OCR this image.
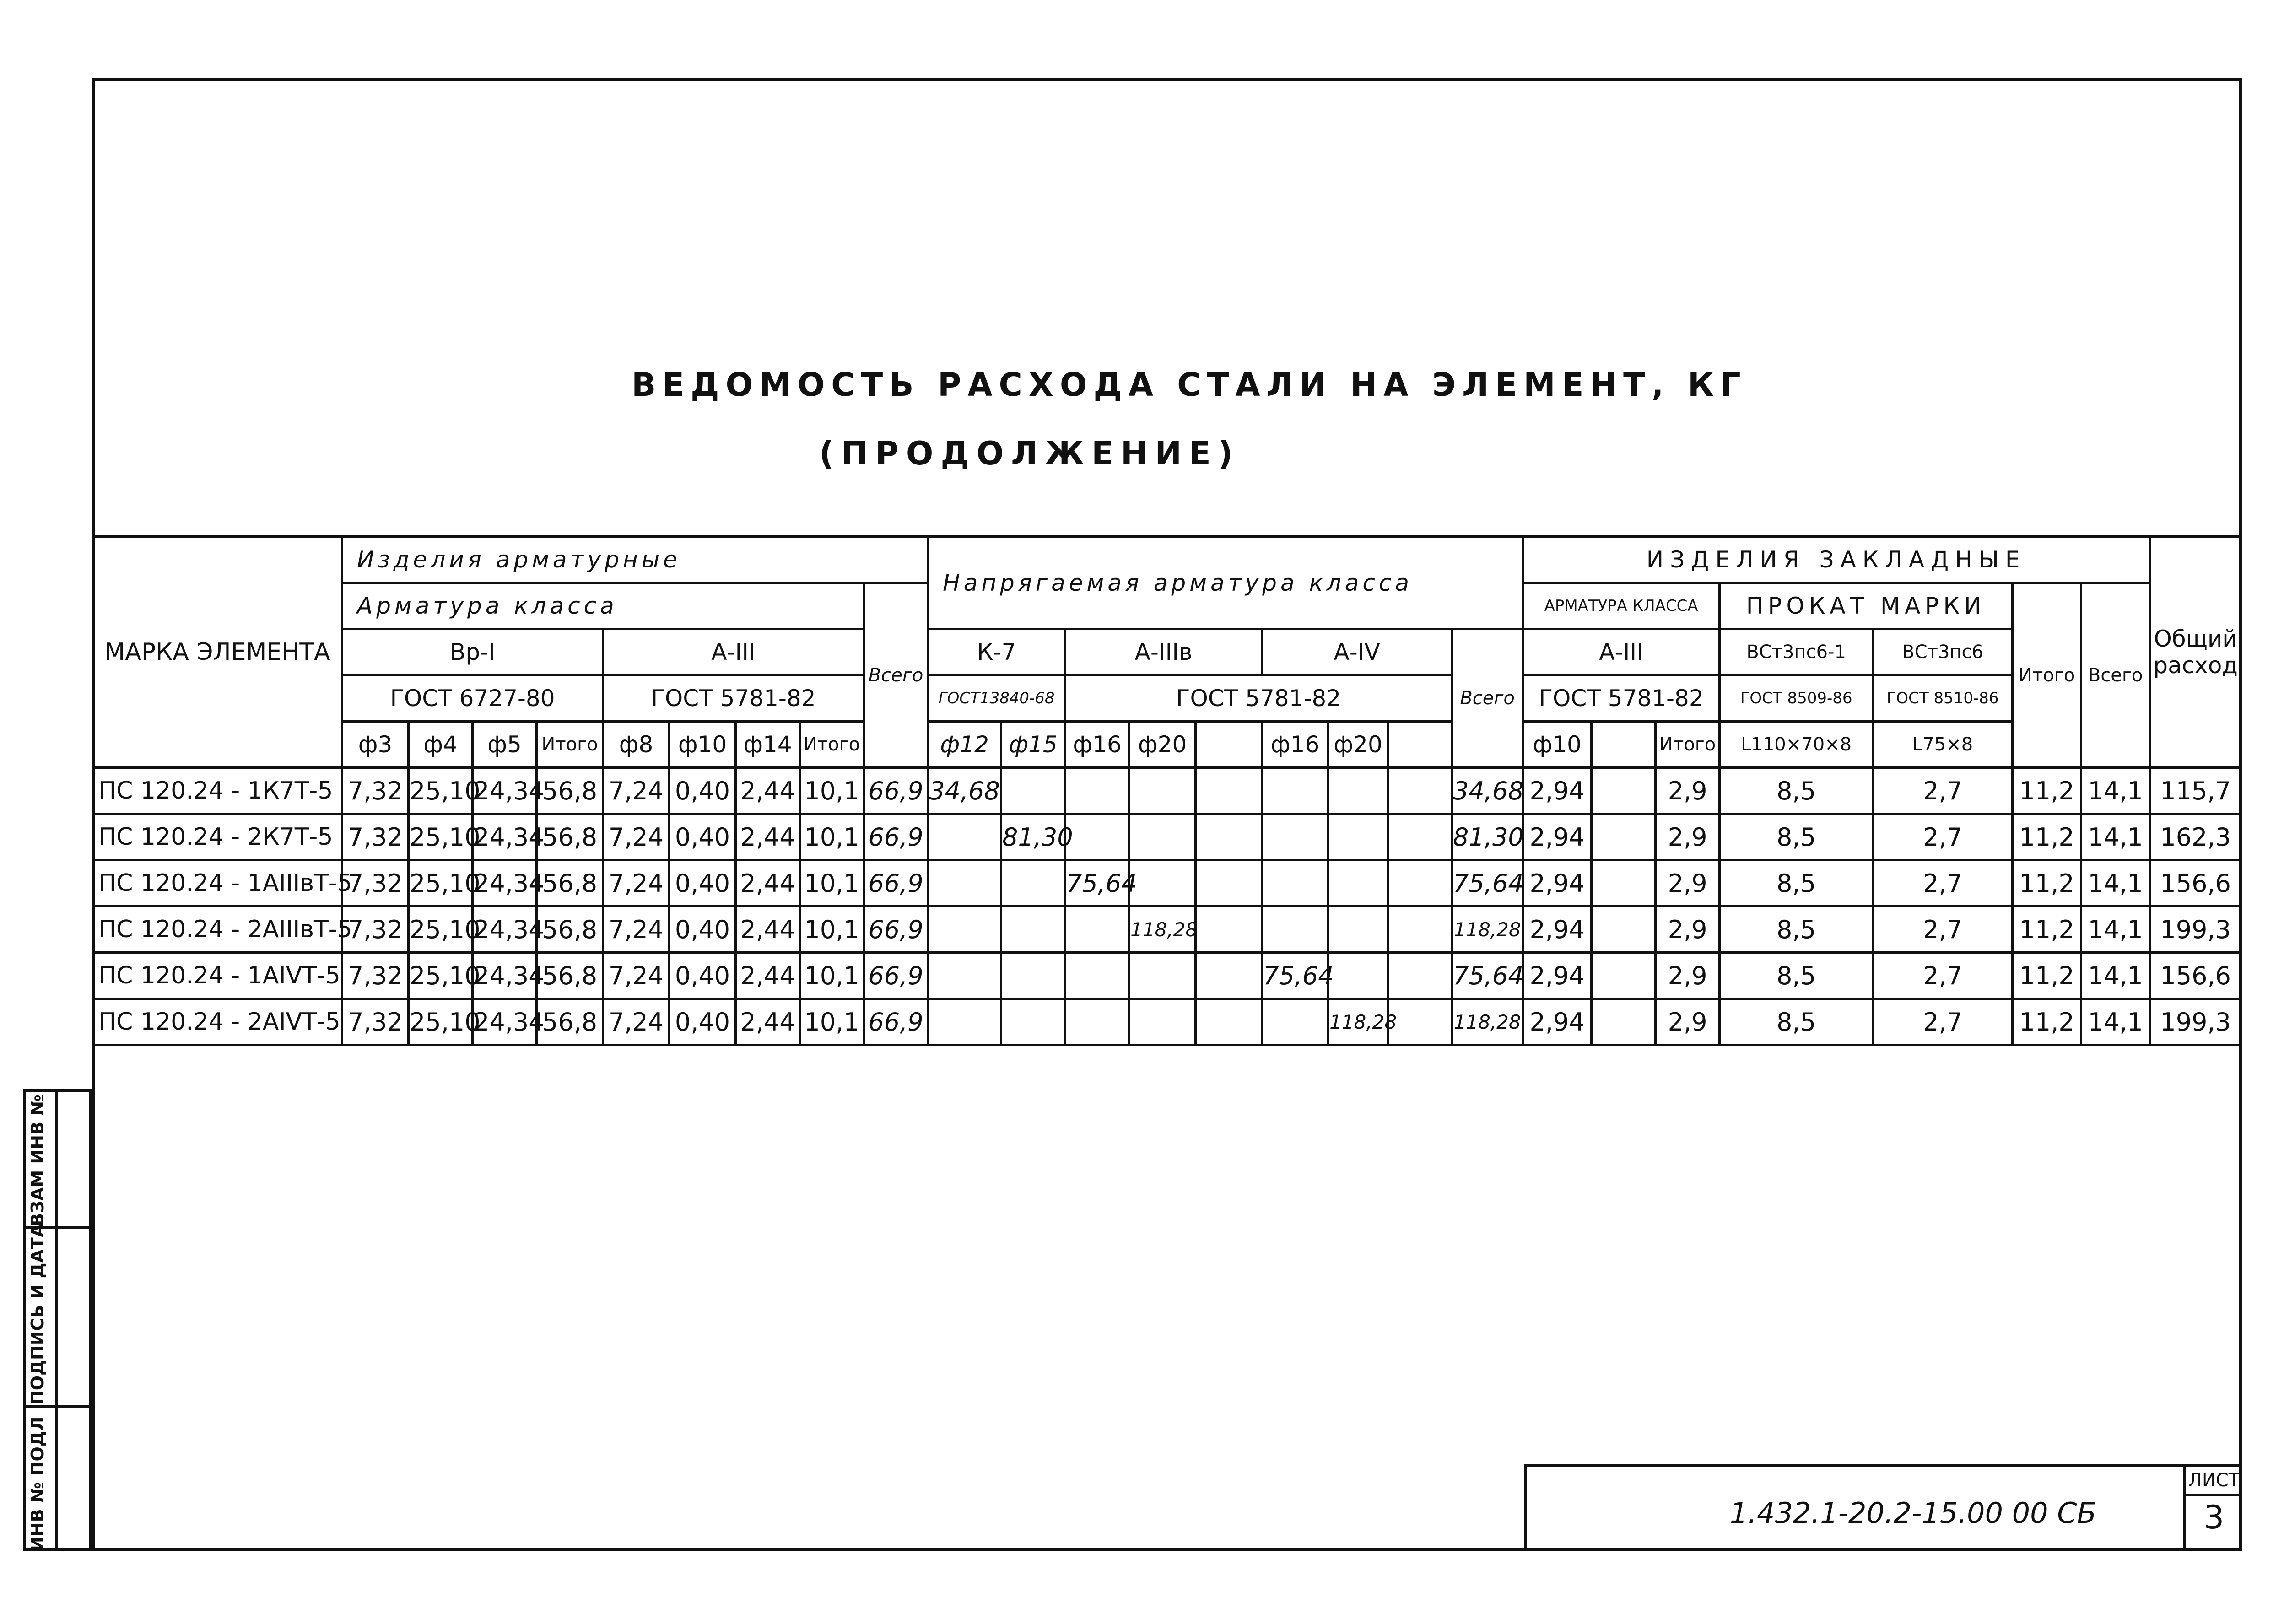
ВЕДОМОСТЬ РАСХОДА СТАЛИ НА ЭЛЕМЕНТ, КГ
(ПРОДОЛЖЕНИЕ)
МАРКА ЭЛЕМЕНТА	Изделия арматурные									Напрягаемая арматура класса									ИЗДЕЛИЯ ЗАКЛАДНЫЕ							Общий расход
	Арматура класса								Всего										АРМАТУРА КЛАССА			ПРОКАТ МАРКИ		Итого	Всего	
	Вр-I				А-III					К-7		А-IIIв			А-IV			Всего	А-III			ВСт3пс6-1	ВСт3пс6			
	ГОСТ 6727-80				ГОСТ 5781-82					ГОСТ13840-68		ГОСТ 5781-82							ГОСТ 5781-82			ГОСТ 8509-86	ГОСТ 8510-86			
	ф3	ф4	ф5	Итого	ф8	ф10	ф14	Итого		ф12	ф15	ф16	ф20		ф16	ф20			ф10		Итого	L110×70×8	L75×8			
ПС 120.24 - 1К7Т-5	7,32	25,10	24,34	56,8	7,24	0,40	2,44	10,1	66,9	34,68								34,68	2,94		2,9	8,5	2,7	11,2	14,1	115,7
ПС 120.24 - 2К7Т-5	7,32	25,10	24,34	56,8	7,24	0,40	2,44	10,1	66,9		81,30							81,30	2,94		2,9	8,5	2,7	11,2	14,1	162,3
ПС 120.24 - 1АIIIвТ-5	7,32	25,10	24,34	56,8	7,24	0,40	2,44	10,1	66,9			75,64						75,64	2,94		2,9	8,5	2,7	11,2	14,1	156,6
ПС 120.24 - 2АIIIвТ-5	7,32	25,10	24,34	56,8	7,24	0,40	2,44	10,1	66,9				118,28					118,28	2,94		2,9	8,5	2,7	11,2	14,1	199,3
ПС 120.24 - 1АIVТ-5	7,32	25,10	24,34	56,8	7,24	0,40	2,44	10,1	66,9						75,64			75,64	2,94		2,9	8,5	2,7	11,2	14,1	156,6
ПС 120.24 - 2АIVТ-5	7,32	25,10	24,34	56,8	7,24	0,40	2,44	10,1	66,9							118,28		118,28	2,94		2,9	8,5	2,7	11,2	14,1	199,3
ВЗАМ ИНВ №
ПОДПИСЬ И ДАТА
ИНВ № ПОДЛ	1.432.1-20.2-15.00 00 СБ
ЛИСТ
3
